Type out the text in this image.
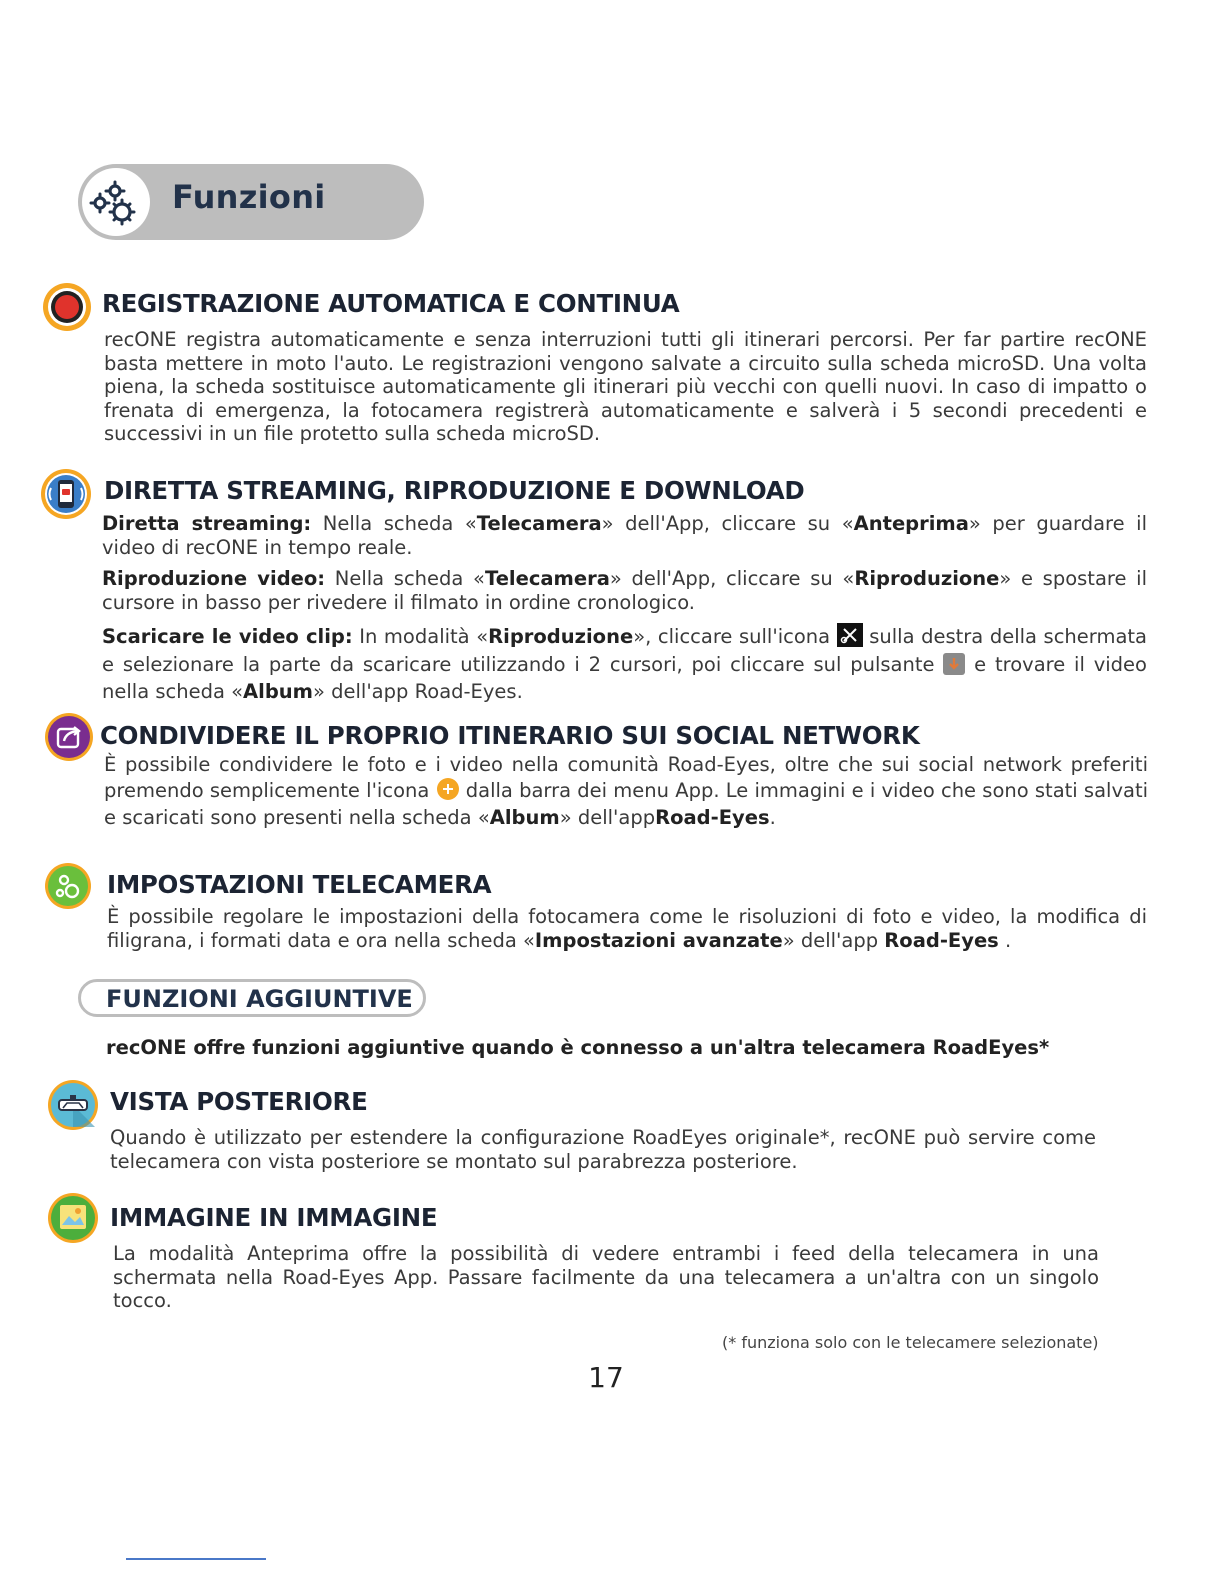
Funzioni
REGISTRAZIONE AUTOMATICA E CONTINUA
recONE registra automaticamente e senza interruzioni tutti gli itinerari percorsi. Per far partire recONE basta mettere in moto l'auto. Le registrazioni vengono salvate a circuito sulla scheda microSD. Una volta piena, la scheda sostituisce automaticamente gli itinerari più vecchi con quelli nuovi. In caso di impatto o frenata di emergenza, la fotocamera registrerà automaticamente e salverà i 5 secondi precedenti e successivi in un file protetto sulla scheda microSD.
DIRETTA STREAMING, RIPRODUZIONE E DOWNLOAD
Diretta streaming: Nella scheda «Telecamera» dell'App, cliccare su «Anteprima» per guardare il video di recONE in tempo reale.
Riproduzione video: Nella scheda «Telecamera» dell'App, cliccare su «Riproduzione» e spostare il cursore in basso per rivedere il filmato in ordine cronologico.
Scaricare le video clip: In modalità «Riproduzione», cliccare sull'icona  sulla destra della schermata e selezionare la parte da scaricare utilizzando i 2 cursori, poi cliccare sul pulsante  e trovare il video nella scheda «Album» dell'app Road-Eyes.
CONDIVIDERE IL PROPRIO ITINERARIO SUI SOCIAL NETWORK
È possibile condividere le foto e i video nella comunità Road-Eyes, oltre che sui social network preferiti premendo semplicemente l'icona  dalla barra dei menu App. Le immagini e i video che sono stati salvati e scaricati sono presenti nella scheda «Album» dell'appRoad-Eyes.
IMPOSTAZIONI TELECAMERA
È possibile regolare le impostazioni della fotocamera come le risoluzioni di foto e video, la modifica di filigrana, i formati data e ora nella scheda «Impostazioni avanzate» dell'app Road-Eyes .
FUNZIONI AGGIUNTIVE
recONE offre funzioni aggiuntive quando è connesso a un'altra telecamera RoadEyes*
VISTA POSTERIORE
Quando è utilizzato per estendere la configurazione RoadEyes originale*, recONE può servire come telecamera con vista posteriore se montato sul parabrezza posteriore.
IMMAGINE IN IMMAGINE
La modalità Anteprima offre la possibilità di vedere entrambi i feed della telecamera in una schermata nella Road-Eyes App. Passare facilmente da una telecamera a un'altra con un singolo tocco.
(* funziona solo con le telecamere selezionate)
17
